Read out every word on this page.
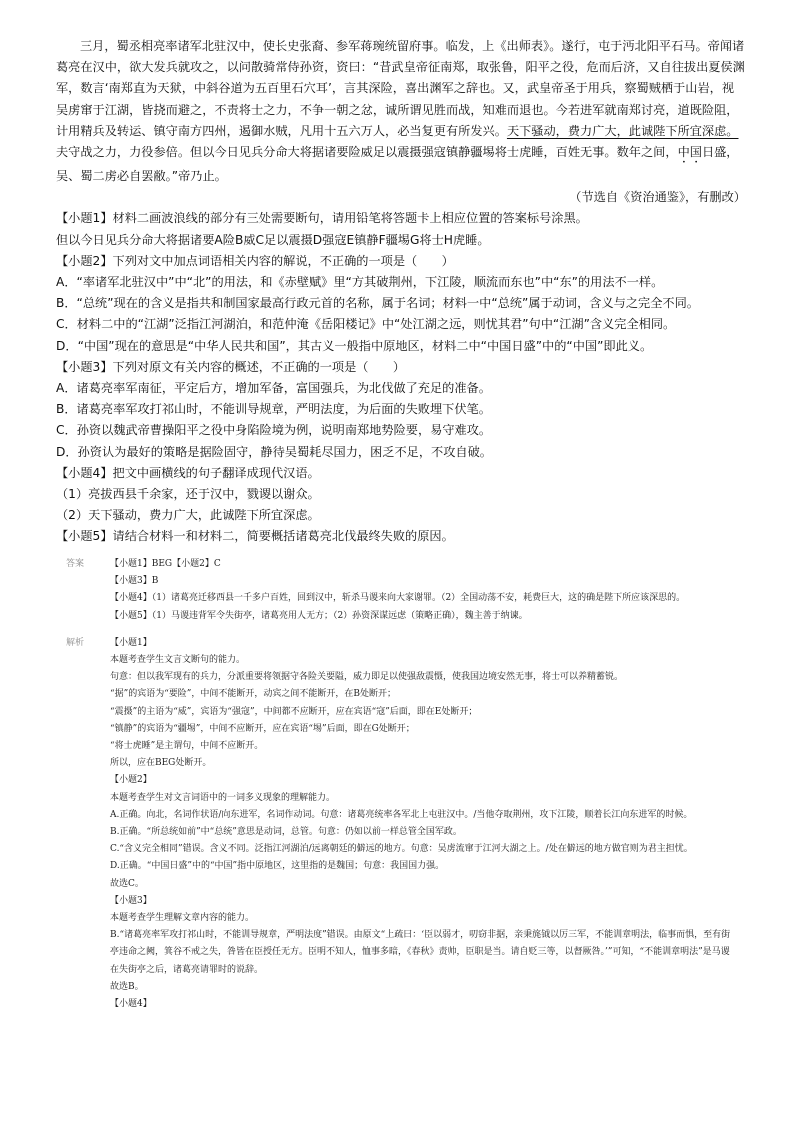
三月，蜀丞相亮率诸军北驻汉中，使长史张裔、参军蒋琬统留府事。临发，上《出师表》。遂行，屯于沔北阳平石马。帝闻诸葛亮在汉中，欲大发兵就攻之，以问散骑常侍孙资，资曰：“昔武皇帝征南郑，取张鲁，阳平之役，危而后济，又自往拔出夏侯渊军，数言‘南郑直为天狱，中斜谷道为五百里石穴耳’，言其深险，喜出渊军之辞也。又，武皇帝圣于用兵，察蜀贼栖于山岩，视吴虏窜于江湖，皆挠而避之，不责将士之力，不争一朝之忿，诚所谓见胜而战，知难而退也。今若进军就南郑讨亮，道既险阻，计用精兵及转运、镇守南方四州，遏御水贼，凡用十五六万人，必当复更有所发兴。天下骚动，费力广大，此诚陛下所宜深虑。夫守战之力，力役参倍。但以今日见兵分命大将据诸要险威足以震摄强寇镇静疆埸将士虎睡，百姓无事。数年之间，中国日盛，吴、蜀二虏必自罢敝。”帝乃止。

（节选自《资治通鉴》，有删改）

【小题1】材料二画波浪线的部分有三处需要断句，请用铅笔将答题卡上相应位置的答案标号涂黑。

但以今日见兵分命大将据诸要A险B威C足以震摄D强寇E镇静F疆埸G将士H虎睡。

【小题2】下列对文中加点词语相关内容的解说，不正确的一项是（　　）

A．“率诸军北驻汉中”中“北”的用法，和《赤壁赋》里“方其破荆州，下江陵，顺流而东也”中“东”的用法不一样。

B．“总统”现在的含义是指共和制国家最高行政元首的名称，属于名词；材料一中“总统”属于动词，含义与之完全不同。

C．材料二中的“江湖”泛指江河湖泊，和范仲淹《岳阳楼记》中“处江湖之远，则忧其君”句中“江湖”含义完全相同。

D．“中国”现在的意思是“中华人民共和国”，其古义一般指中原地区，材料二中“中国日盛”中的“中国”即此义。

【小题3】下列对原文有关内容的概述，不正确的一项是（　　）

A．诸葛亮率军南征，平定后方，增加军备，富国强兵，为北伐做了充足的准备。

B．诸葛亮率军攻打祁山时，不能训导规章，严明法度，为后面的失败埋下伏笔。

C．孙资以魏武帝曹操阳平之役中身陷险境为例，说明南郑地势险要，易守难攻。

D．孙资认为最好的策略是据险固守，静待吴蜀耗尽国力，困乏不足，不攻自破。

【小题4】把文中画横线的句子翻译成现代汉语。

（1）亮拔西县千余家，还于汉中，戮谡以谢众。

（2）天下骚动，费力广大，此诚陛下所宜深虑。

【小题5】请结合材料一和材料二，简要概括诸葛亮北伐最终失败的原因。

答案	【小题1】BEG【小题2】C

【小题3】B

【小题4】（1）诸葛亮迁移西县一千多户百姓，回到汉中，斩杀马谡来向大家谢罪。（2）全国动荡不安，耗费巨大，这的确是陛下所应该深思的。

【小题5】（1）马谡违背军令失街亭，诸葛亮用人无方；（2）孙资深谋远虑（策略正确），魏主善于纳谏。

解析	【小题1】

本题考查学生文言文断句的能力。

句意：但以我军现有的兵力，分派重要将领据守各险关要隘，威力即足以使强敌震慑，使我国边境安然无事，将士可以养精蓄锐。

“据”的宾语为“要险”，中间不能断开，动宾之间不能断开，在B处断开；

“震摄”的主语为“威”，宾语为“强寇”，中间都不应断开，应在宾语“寇”后面，即在E处断开；

“镇静”的宾语为“疆埸”，中间不应断开，应在宾语“埸”后面，即在G处断开；

“将士虎睡”是主谓句，中间不应断开。

所以，应在BEG处断开。

【小题2】

本题考查学生对文言词语中的一词多义现象的理解能力。

A.正确。向北，名词作状语/向东进军，名词作动词。句意：诸葛亮统率各军北上屯驻汉中。/当他夺取荆州，攻下江陵，顺着长江向东进军的时候。

B.正确。“所总统如前”中“总统”意思是动词，总管。句意：仍如以前一样总管全国军政。

C.“含义完全相同”错误。含义不同。泛指江河湖泊/远离朝廷的僻远的地方。句意：吴虏流窜于江河大湖之上。/处在僻远的地方做官则为君主担忧。

D.正确。“中国日盛”中的“中国”指中原地区，这里指的是魏国；句意：我国国力强。

故选C。

【小题3】

本题考查学生理解文章内容的能力。

B.“诸葛亮率军攻打祁山时，不能训导规章，严明法度”错误。由原文“上疏曰：‘臣以弱才，叨窃非据，亲秉旄钺以厉三军，不能训章明法，临事而惧，至有街亭违命之阙，箕谷不戒之失，咎皆在臣授任无方。臣明不知人，恤事多暗，《春秋》责帅，臣职是当。请自贬三等，以督厥咎。’”可知，“不能训章明法”是马谡在失街亭之后，诸葛亮请罪时的说辞。

故选B。

【小题4】
